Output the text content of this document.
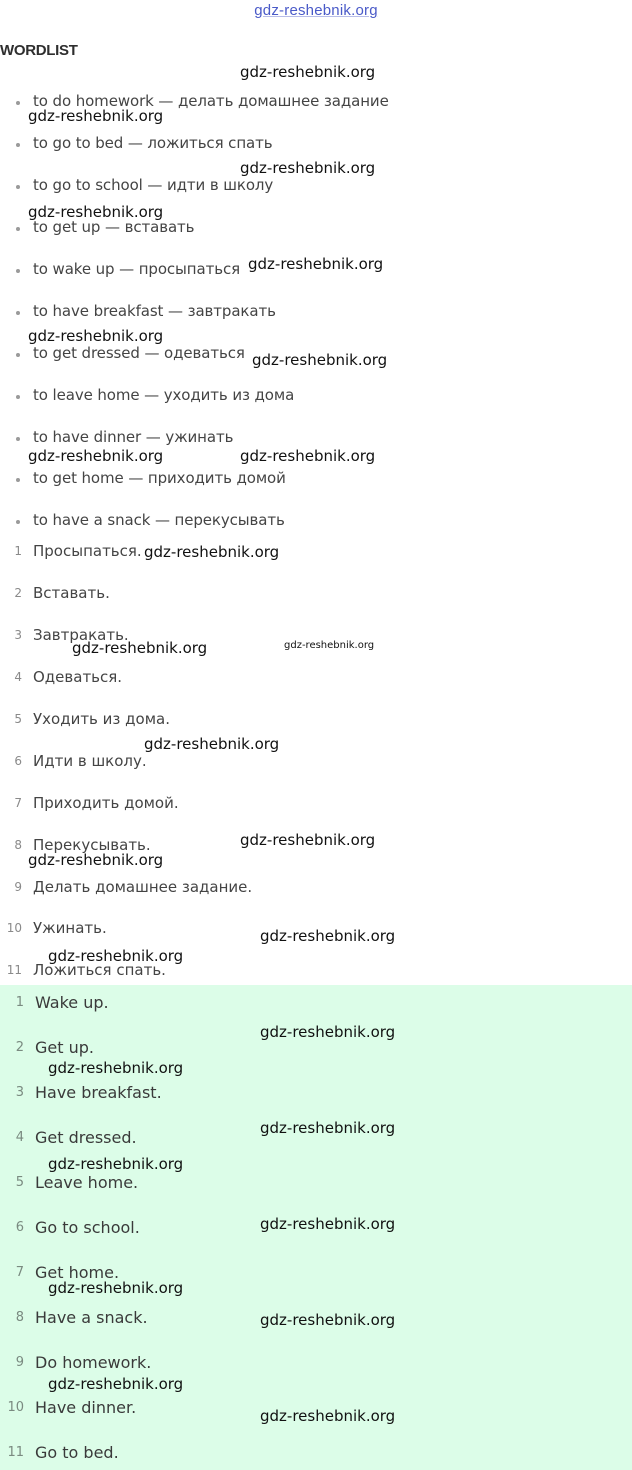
gdz-reshebnik.org
WORDLIST
to do homework — делать домашнее задание
to go to bed — ложиться спать
to go to school — идти в школу
to get up — вставать
to wake up — просыпаться
to have breakfast — завтракать
to get dressed — одеваться
to leave home — уходить из дома
to have dinner — ужинать
to get home — приходить домой
to have a snack — перекусывать
1 Просыпаться.
2 Вставать.
3 Завтракать.
4 Одеваться.
5 Уходить из дома.
6 Идти в школу.
7 Приходить домой.
8 Перекусывать.
9 Делать домашнее задание.
10 Ужинать.
11 Ложиться спать.
1 Wake up.
2 Get up.
3 Have breakfast.
4 Get dressed.
5 Leave home.
6 Go to school.
7 Get home.
8 Have a snack.
9 Do homework.
10 Have dinner.
11 Go to bed.
gdz-reshebnik.org
gdz-reshebnik.org
gdz-reshebnik.org
gdz-reshebnik.org
gdz-reshebnik.org
gdz-reshebnik.org
gdz-reshebnik.org
gdz-reshebnik.org	gdz-reshebnik.org
gdz-reshebnik.org
gdz-reshebnik.org	gdz-reshebnik.org
gdz-reshebnik.org
gdz-reshebnik.org
gdz-reshebnik.org
gdz-reshebnik.org
gdz-reshebnik.org
gdz-reshebnik.org
gdz-reshebnik.org
gdz-reshebnik.org
gdz-reshebnik.org
gdz-reshebnik.org
gdz-reshebnik.org
gdz-reshebnik.org
gdz-reshebnik.org
gdz-reshebnik.org
